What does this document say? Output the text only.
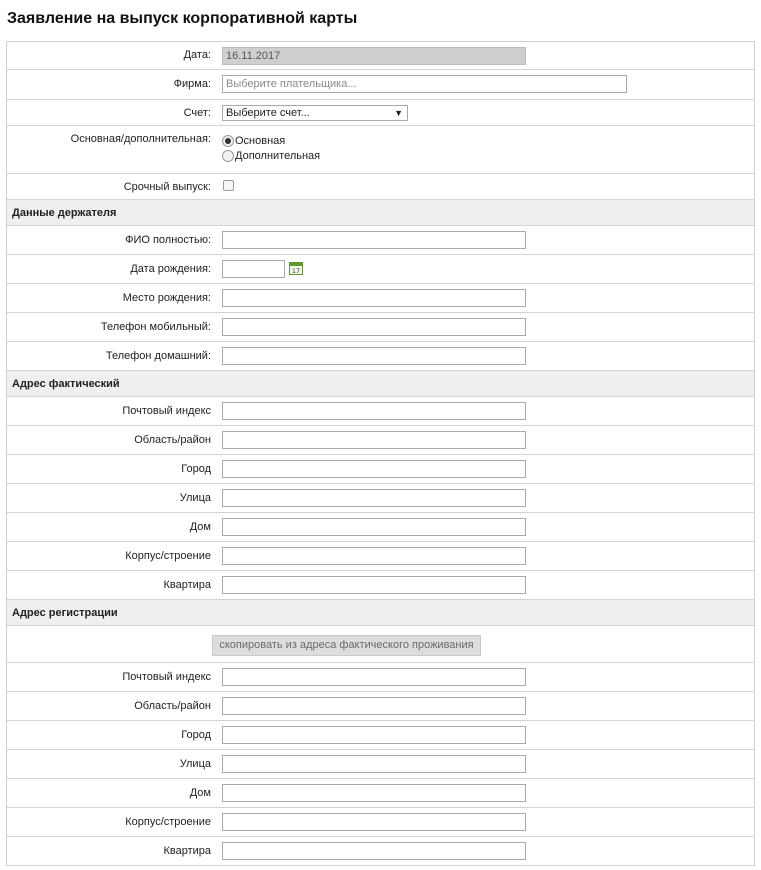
Заявление на выпуск корпоративной карты
Дата:
16.11.2017
Фирма:
Выберите плательщика...
Счет:	Выберите счет...	▼
Основная/дополнительная: Основная
Дополнительная
Срочный выпуск:
Данные держателя
ФИО полностью:
Дата рождения:	17
Место рождения:
Телефон мобильный:
Телефон домашний:
Адрес фактический
Почтовый индекс
Область/район
Город
Улица
Дом
Корпус/строение
Квартира
Адрес регистрации
скопировать из адреса фактического проживания
Почтовый индекс
Область/район
Город
Улица
Дом
Корпус/строение
Квартира
